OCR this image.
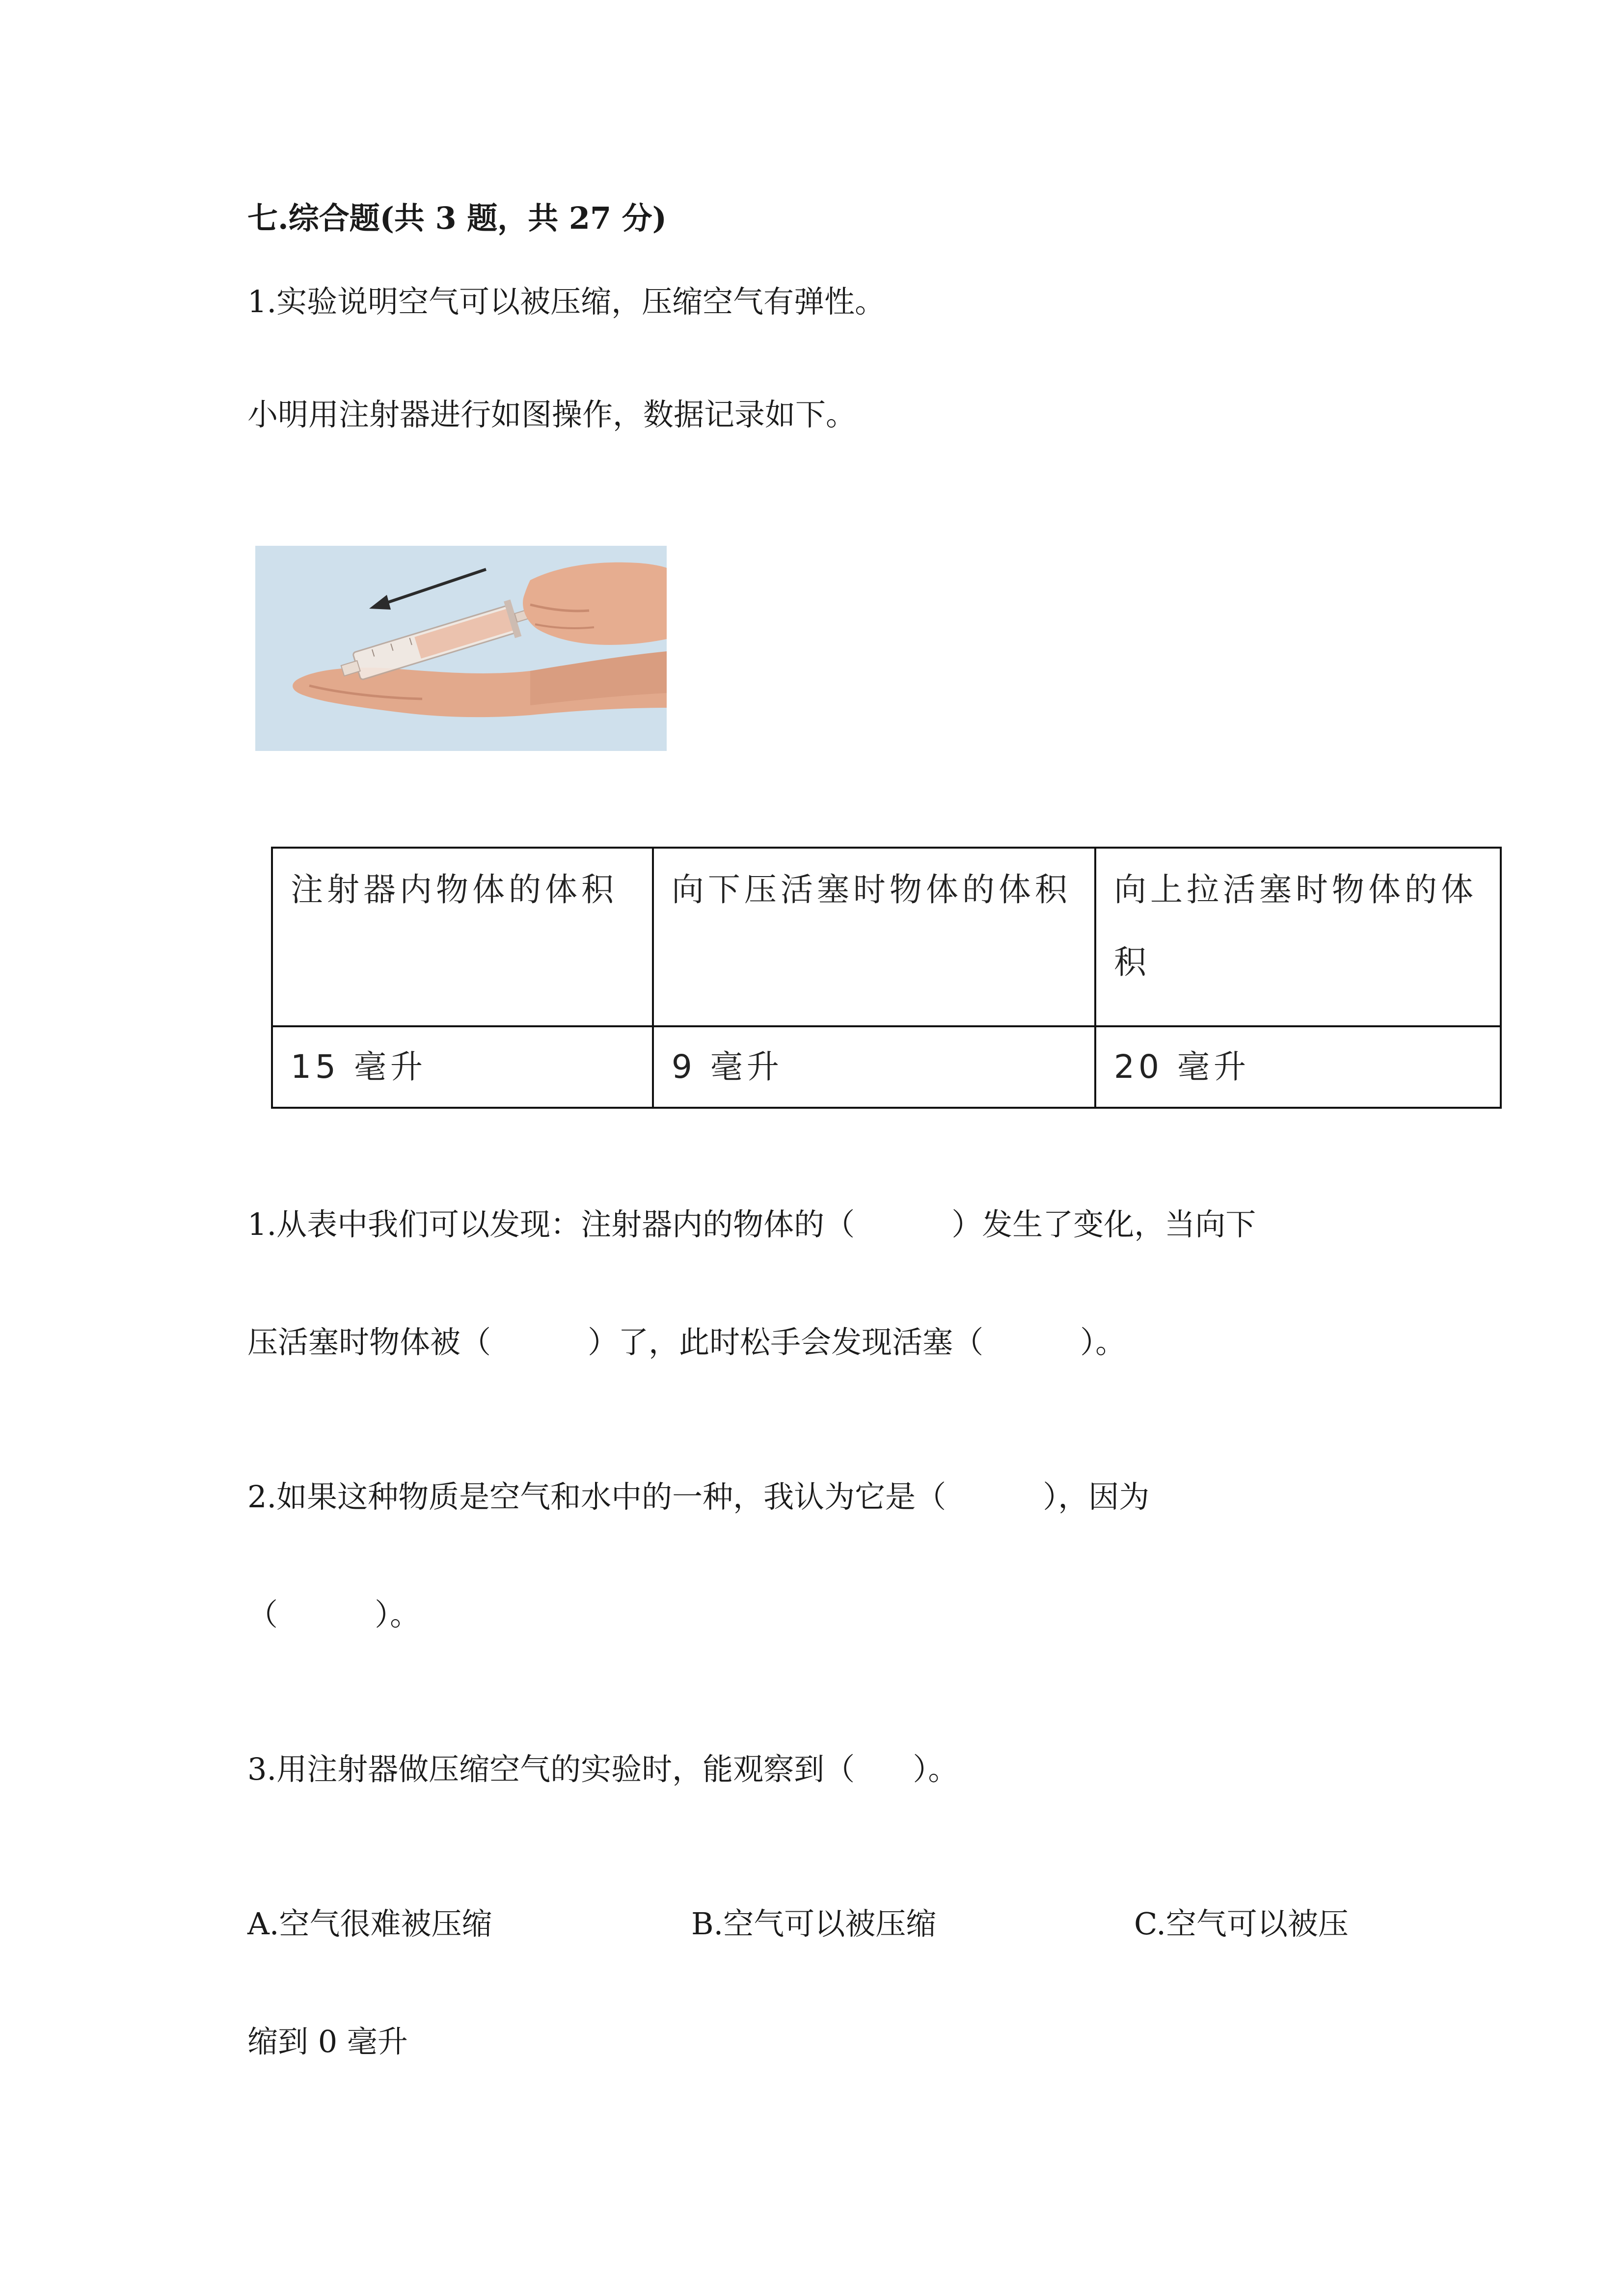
七.综合题(共 3 题，共 27 分)

1.实验说明空气可以被压缩，压缩空气有弹性。

小明用注射器进行如图操作，数据记录如下。

注射器内物体的体积	向下压活塞时物体的体积	向上拉活塞时物体的体积
15 毫升	9 毫升	20 毫升

1.从表中我们可以发现：注射器内的物体的（          ）发生了变化，当向下

压活塞时物体被（          ）了，此时松手会发现活塞（          ）。

2.如果这种物质是空气和水中的一种，我认为它是（          ），因为

（          ）。

3.用注射器做压缩空气的实验时，能观察到（      ）。

A.空气很难被压缩	B.空气可以被压缩	C.空气可以被压
缩到 0 毫升
